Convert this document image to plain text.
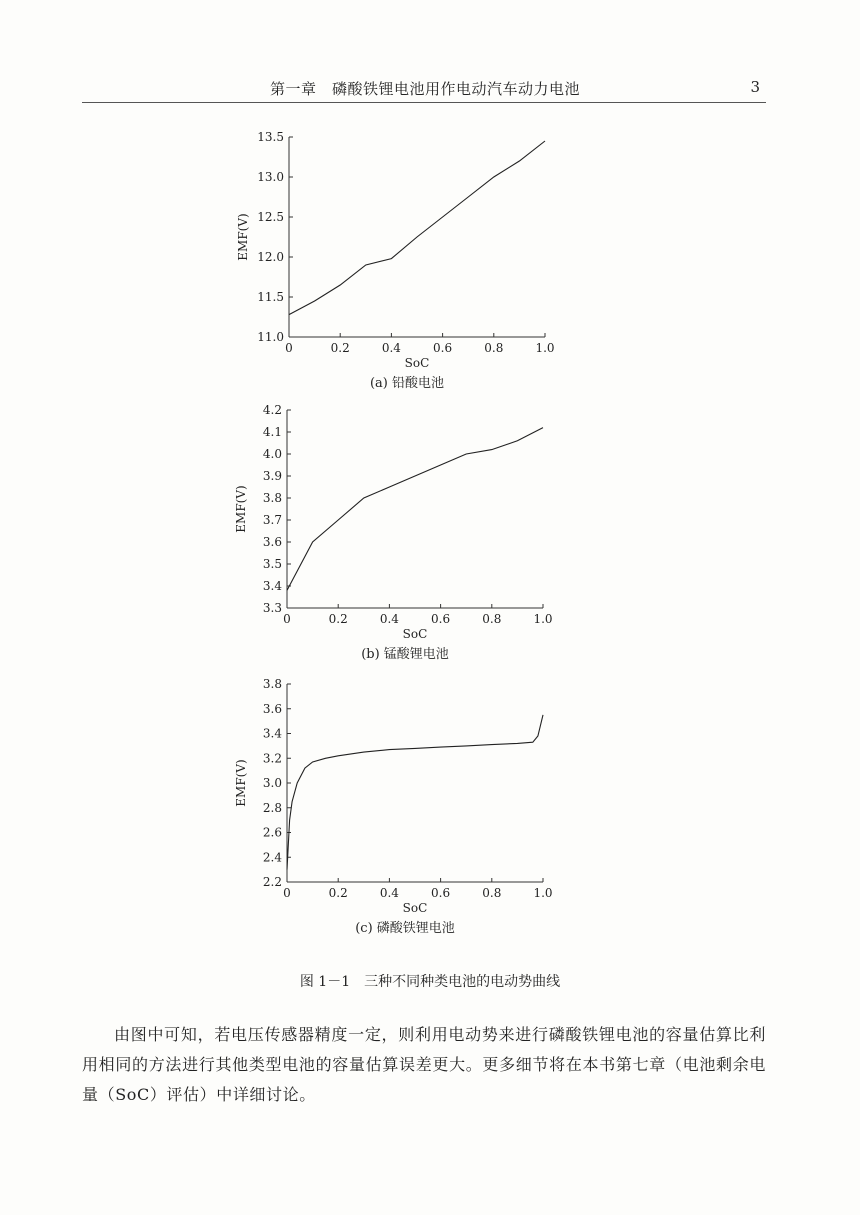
第一章　磷酸铁锂电池用作电动汽车动力电池	3
11.0
11.5
12.0
12.5
13.0
13.5
0	0.2	0.4	0.6	0.8	1.0
SoC
EMF(V)
(a) 铅酸电池
3.3
3.4
3.5
3.6
3.7
3.8
3.9
4.0
4.1
4.2
0	0.2	0.4	0.6	0.8	1.0
SoC
EMF(V)
(b) 锰酸锂电池
2.2
2.4
2.6
2.8
3.0
3.2
3.4
3.6
3.8
0	0.2	0.4	0.6	0.8	1.0
SoC
EMF(V)
(c) 磷酸铁锂电池
图 1－1　三种不同种类电池的电动势曲线
由图中可知，若电压传感器精度一定，则利用电动势来进行磷酸铁锂电池的容量估算比利用相同的方法进行其他类型电池的容量估算误差更大。更多细节将在本书第七章（电池剩余电量（SoC）评估）中详细讨论。
